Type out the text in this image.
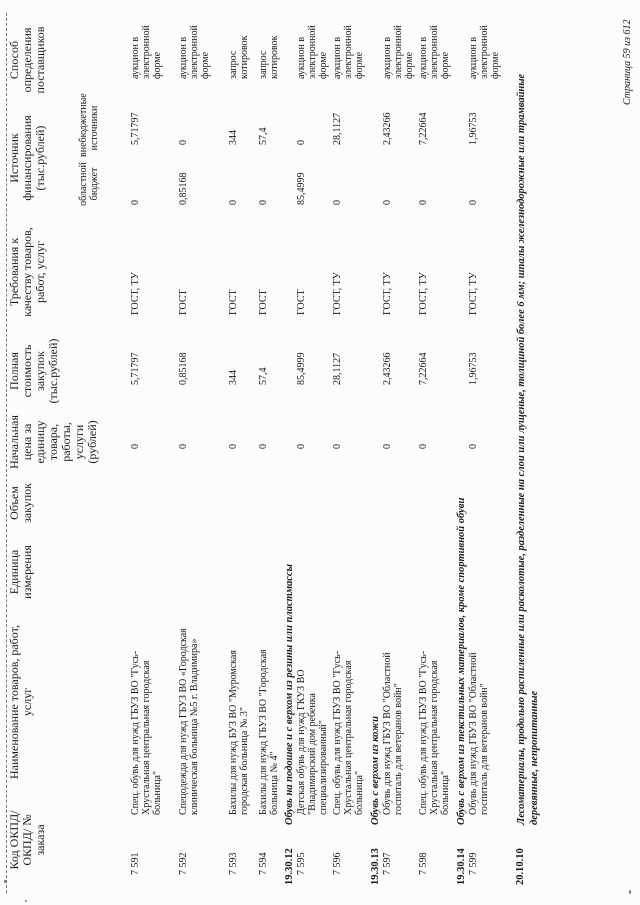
Код ОКПД/ ОКПД/ № заказа
Наименование товаров, работ, услуг
Единица измерения
Объем закупок
Начальная цена за единицу товара, работы, услуги (рублей)
Полная стоимость закупок (тыс.рублей)
Требования к качеству товаров, работ, услуг
Источник финансирования (тыс.рублей)	областной бюджет
внебюджетные источники
Способ определения поставщиков
7 591
Спец. обувь для нужд ГБУЗ ВО "Гусь-Хрустальная центральная городская больница"
0
5,71797
ГОСТ, ТУ
0
5,71797
аукцион в электронной форме
7 592
Спецодежда для нужд ГБУЗ ВО «Городская клиническая больница №5 г. Владимира»
0
0,85168
ГОСТ
0,85168
0
аукцион в электронной форме
7 593
Бахилы для нужд БУЗ ВО "Муромская городская больница № 3"
0
344
ГОСТ
0
344
запрос котировок
7 594
Бахилы для нужд ГБУЗ ВО "Городская больница № 4"
0
57,4
ГОСТ
0
57,4
запрос котировок
19.30.12
Обувь на подошве и с верхом из резины или пластмассы
7 595
Детская обувь для нужд ГКУЗ ВО "Владимирский дом ребенка специализированный"
0
85,4999
ГОСТ
85,4999
0
аукцион в электронной форме
7 596
Спец. обувь для нужд ГБУЗ ВО "Гусь-Хрустальная центральная городская больница"
0
28,1127
ГОСТ, ТУ
0
28,1127
аукцион в электронной форме
19.30.13
Обувь с верхом из кожи
7 597
Обувь для нужд ГБУЗ ВО "Областной госпиталь для ветеранов войн"
0
2,43266
ГОСТ, ТУ
0
2,43266
аукцион в электронной форме
7 598
Спец. обувь для нужд ГБУЗ ВО "Гусь-Хрустальная центральная городская больница"
0
7,22664
ГОСТ, ТУ
0
7,22664
аукцион в электронной форме
19.30.14
Обувь с верхом из текстильных материалов, кроме спортивной обуви
7 599
Обувь для нужд ГБУЗ ВО "Областной госпиталь для ветеранов войн"
0
1,96753
ГОСТ, ТУ
0
1,96753
аукцион в электронной форме
20.10.10
Лесоматериалы, продольно распиленные или расколотые, разделенные на слои или лущеные, толщиной более 6 мм; шпалы железнодорожные или трамвайные деревянные, непропитанные
Страница 59 из 612
